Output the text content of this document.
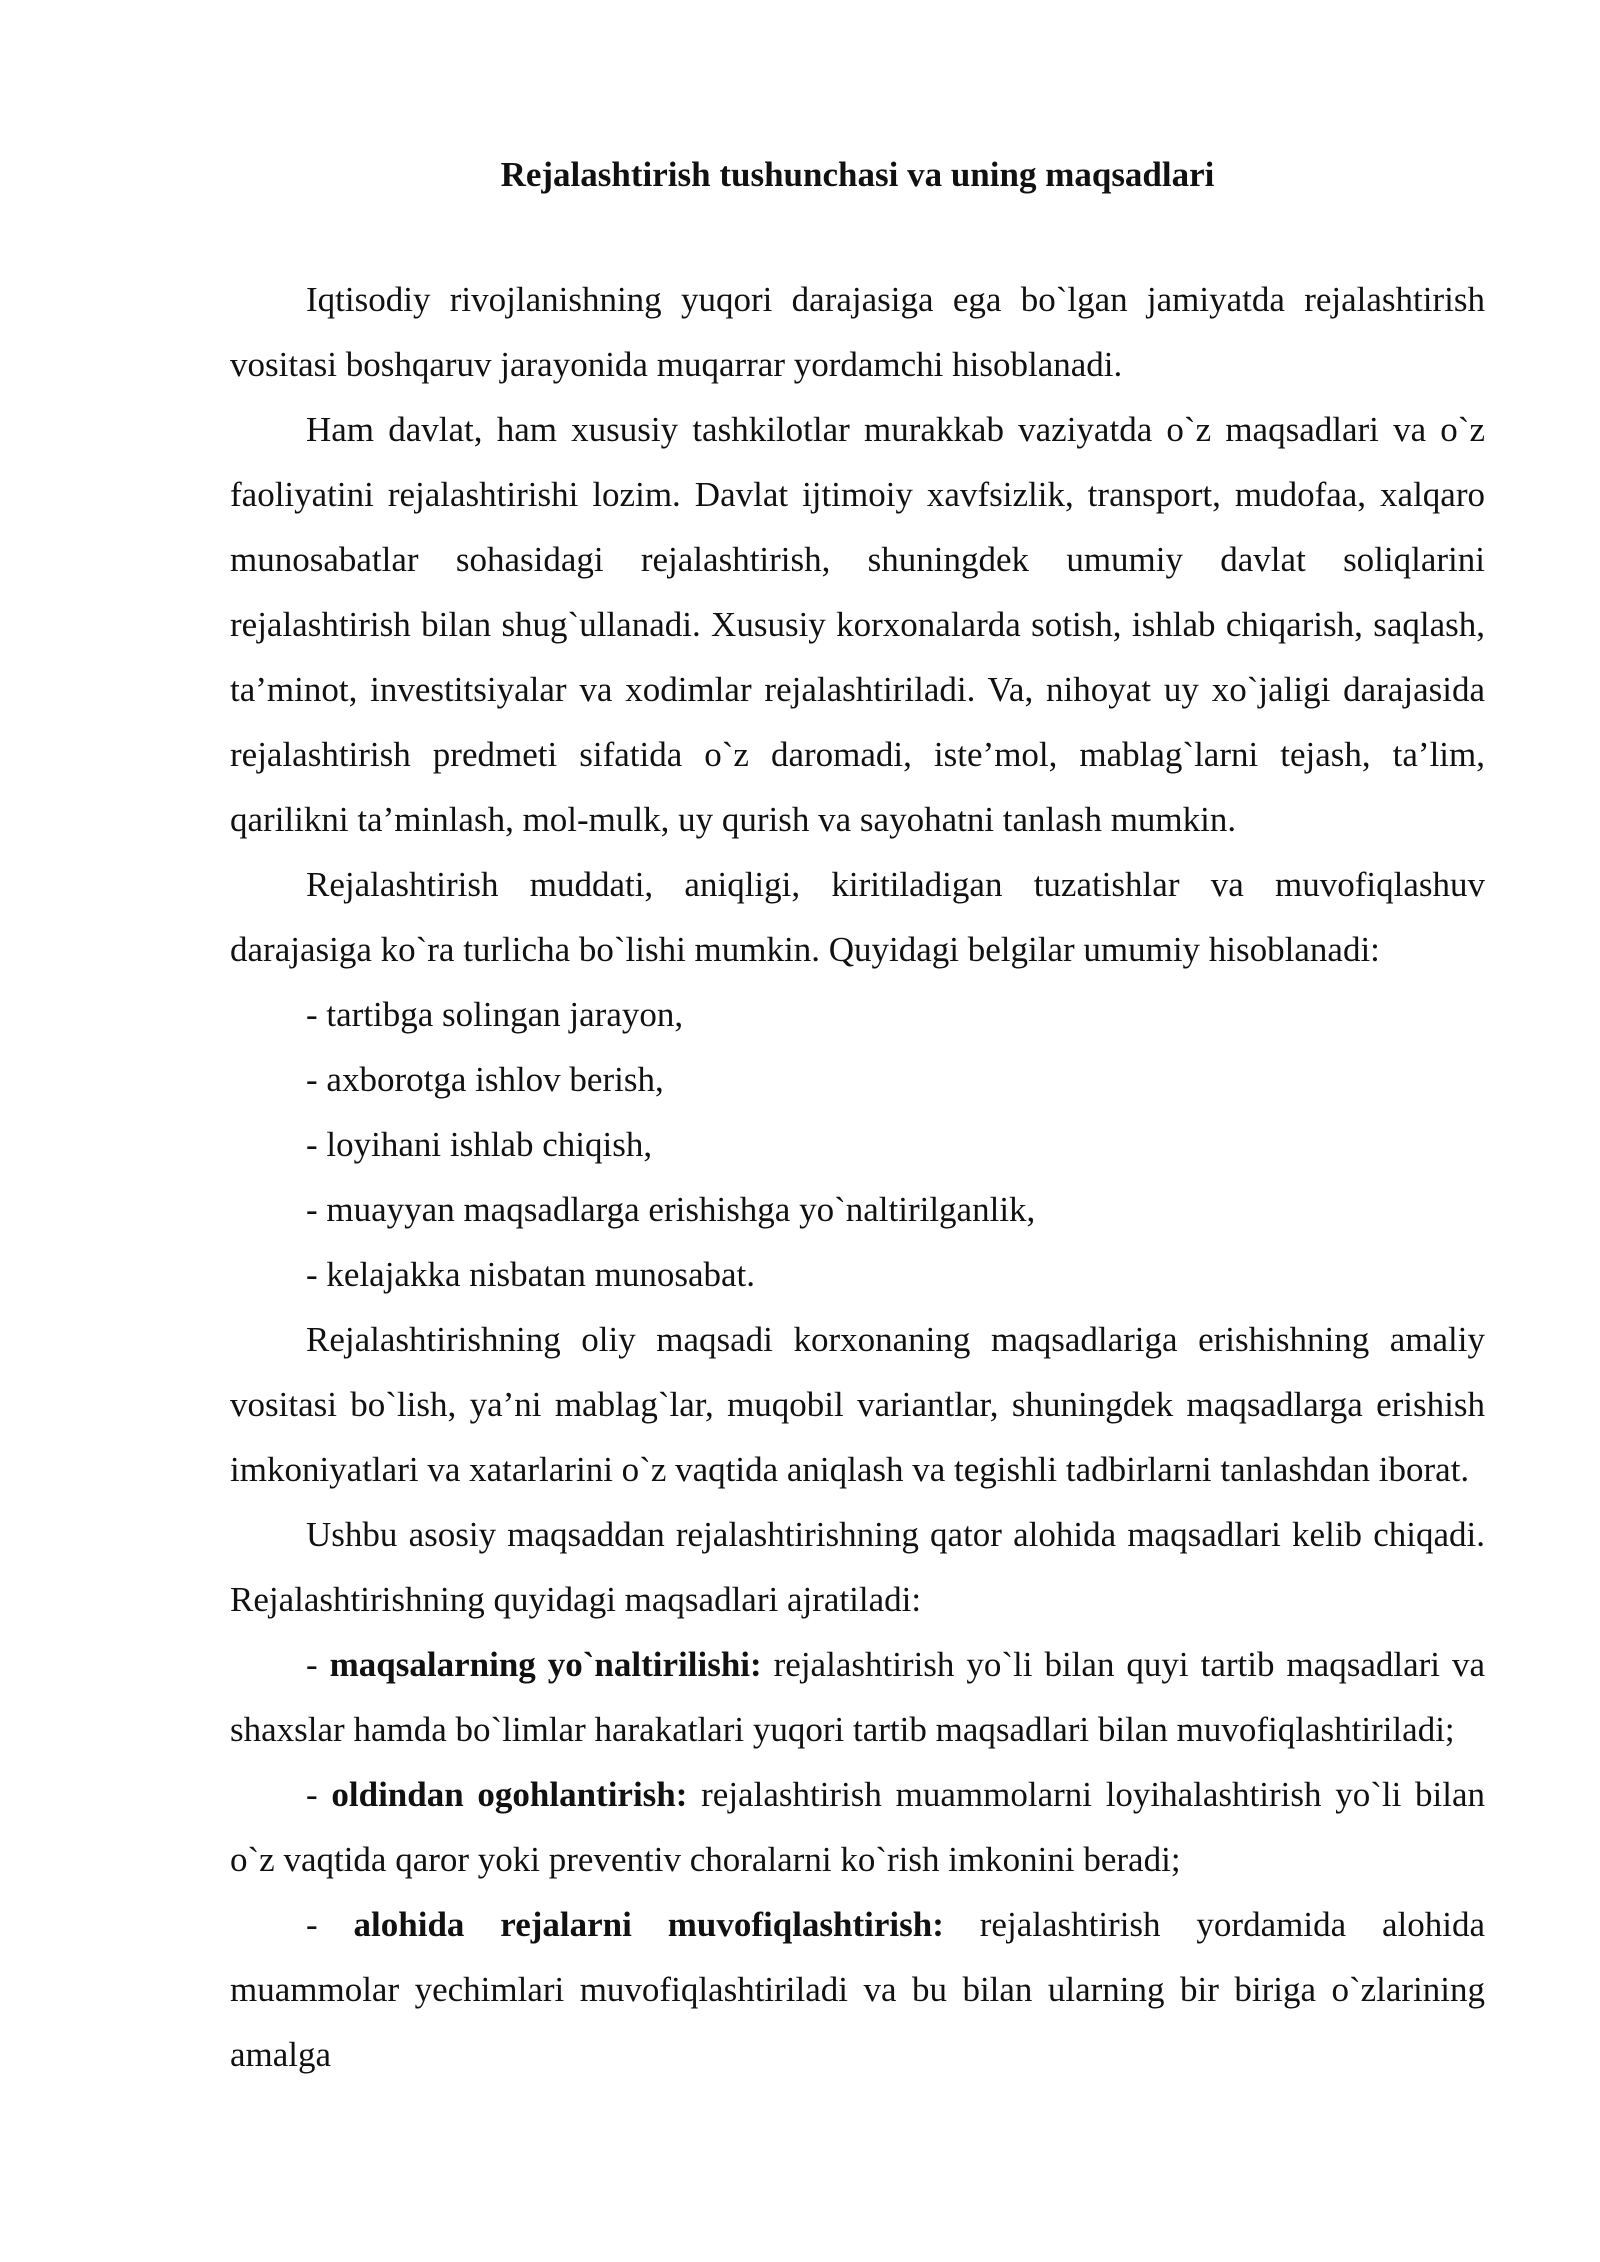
Rejalashtirish tushunchasi va uning maqsadlari

Iqtisodiy rivojlanishning yuqori darajasiga ega bo`lgan jamiyatda rejalashtirish vositasi boshqaruv jarayonida muqarrar yordamchi hisoblanadi.

Ham davlat, ham xususiy tashkilotlar murakkab vaziyatda o`z maqsadlari va o`z faoliyatini rejalashtirishi lozim. Davlat ijtimoiy xavfsizlik, transport, mudofaa, xalqaro munosabatlar sohasidagi rejalashtirish, shuningdek umumiy davlat soliqlarini rejalashtirish bilan shug`ullanadi. Xususiy korxonalarda sotish, ishlab chiqarish, saqlash, ta’minot, investitsiyalar va xodimlar rejalashtiriladi. Va, nihoyat uy xo`jaligi darajasida rejalashtirish predmeti sifatida o`z daromadi, iste’mol, mablag`larni tejash, ta’lim, qarilikni ta’minlash, mol-mulk, uy qurish va sayohatni tanlash mumkin.

Rejalashtirish muddati, aniqligi, kiritiladigan tuzatishlar va muvofiqlashuv darajasiga ko`ra turlicha bo`lishi mumkin. Quyidagi belgilar umumiy hisoblanadi:

- tartibga solingan jarayon,

- axborotga ishlov berish,

- loyihani ishlab chiqish,

- muayyan maqsadlarga erishishga yo`naltirilganlik,

- kelajakka nisbatan munosabat.

Rejalashtirishning oliy maqsadi korxonaning maqsadlariga erishishning amaliy vositasi bo`lish, ya’ni mablag`lar, muqobil variantlar, shuningdek maqsadlarga erishish imkoniyatlari va xatarlarini o`z vaqtida aniqlash va tegishli tadbirlarni tanlashdan iborat.

Ushbu asosiy maqsaddan rejalashtirishning qator alohida maqsadlari kelib chiqadi. Rejalashtirishning quyidagi maqsadlari ajratiladi:

- maqsalarning yo`naltirilishi: rejalashtirish yo`li bilan quyi tartib maqsadlari va shaxslar hamda bo`limlar harakatlari yuqori tartib maqsadlari bilan muvofiqlashtiriladi;

- oldindan ogohlantirish: rejalashtirish muammolarni loyihalashtirish yo`li bilan o`z vaqtida qaror yoki preventiv choralarni ko`rish imkonini beradi;

- alohida rejalarni muvofiqlashtirish: rejalashtirish yordamida alohida muammolar yechimlari muvofiqlashtiriladi va bu bilan ularning bir biriga o`zlarining amalga
